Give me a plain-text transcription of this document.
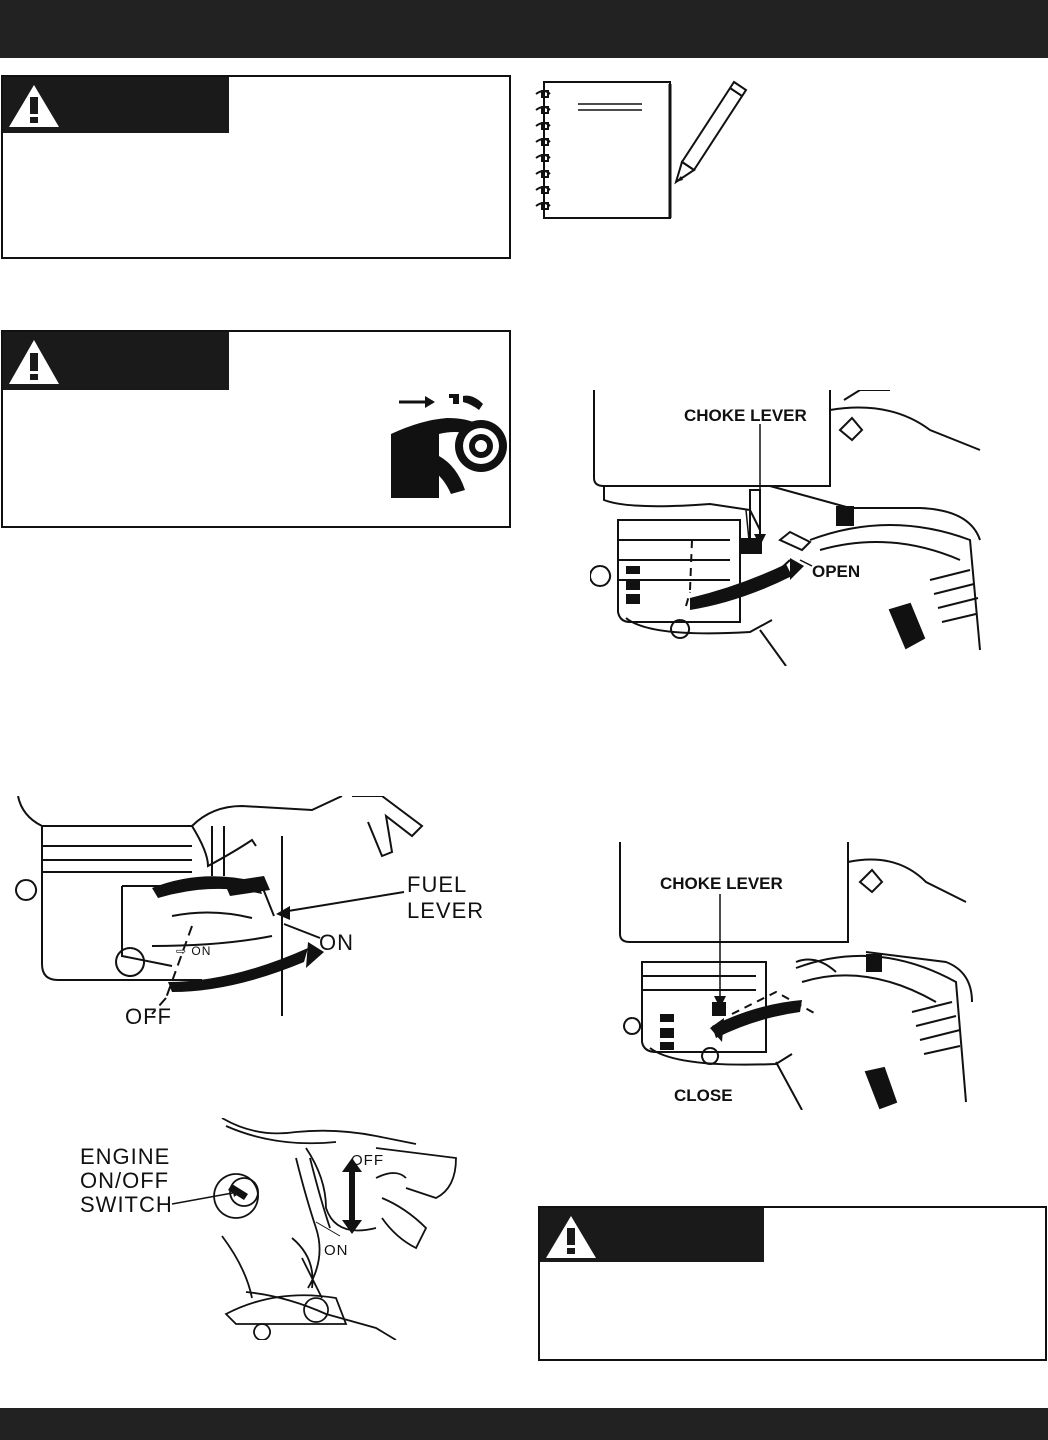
CHOKE LEVER
OPEN
⇨ ON
FUEL
LEVER
ON
OFF
CHOKE LEVER
CLOSE
ENGINE
ON/OFF
SWITCH
OFF
ON
